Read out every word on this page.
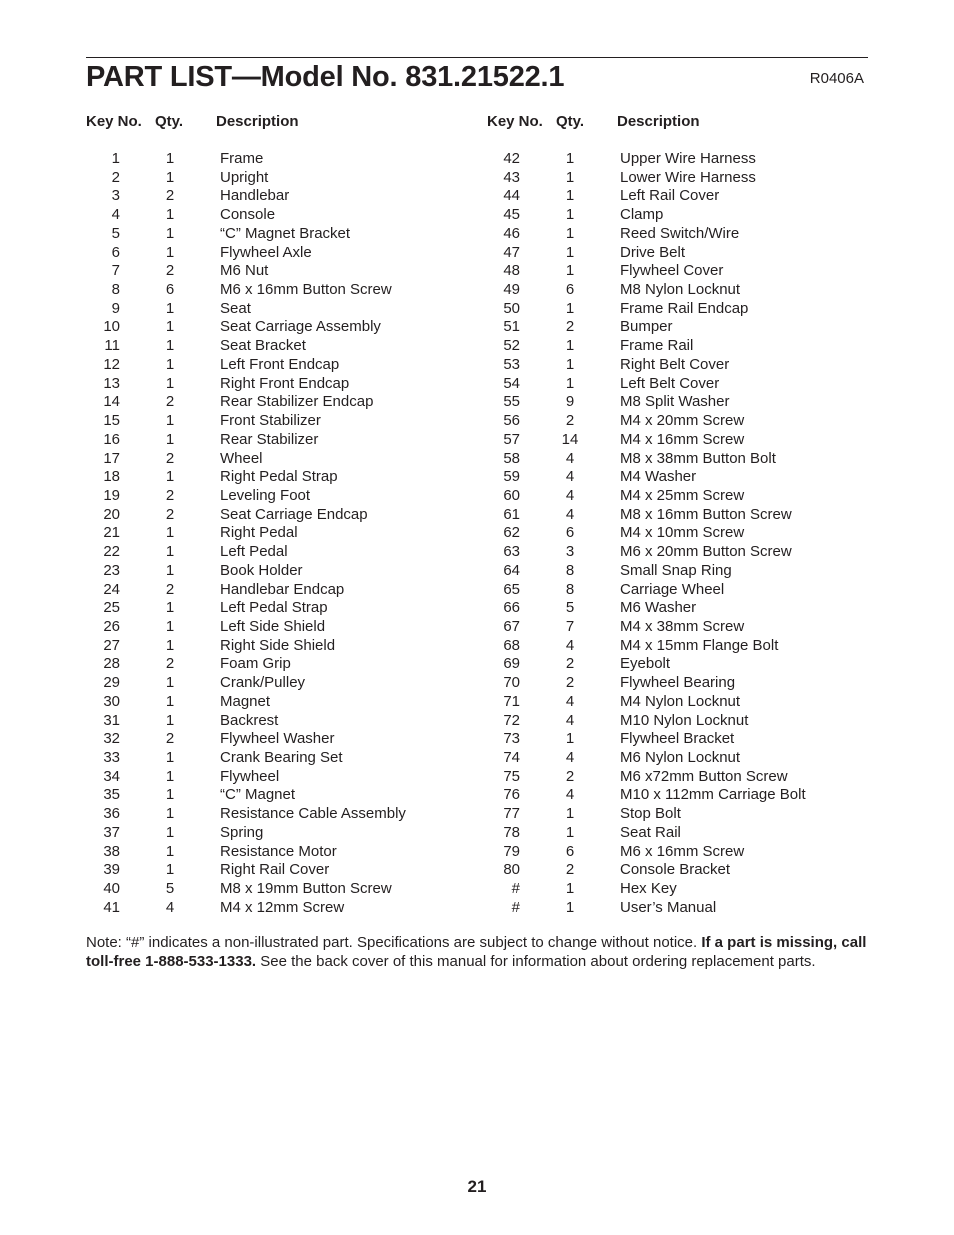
PART LIST—Model No. 831.21522.1	R0406A
Key No. Qty. Description	Key No. Qty. Description
1	1	Frame
2	1	Upright
3	2	Handlebar
4	1	Console
5	1	“C” Magnet Bracket
6	1	Flywheel Axle
7	2	M6 Nut
8	6	M6 x 16mm Button Screw
9	1	Seat
10	1	Seat Carriage Assembly
11	1	Seat Bracket
12	1	Left Front Endcap
13	1	Right Front Endcap
14	2	Rear Stabilizer Endcap
15	1	Front Stabilizer
16	1	Rear Stabilizer
17	2	Wheel
18	1	Right Pedal Strap
19	2	Leveling Foot
20	2	Seat Carriage Endcap
21	1	Right Pedal
22	1	Left Pedal
23	1	Book Holder
24	2	Handlebar Endcap
25	1	Left Pedal Strap
26	1	Left Side Shield
27	1	Right Side Shield
28	2	Foam Grip
29	1	Crank/Pulley
30	1	Magnet
31	1	Backrest
32	2	Flywheel Washer
33	1	Crank Bearing Set
34	1	Flywheel
35	1	“C” Magnet
36	1	Resistance Cable Assembly
37	1	Spring
38	1	Resistance Motor
39	1	Right Rail Cover
40	5	M8 x 19mm Button Screw
41	4	M4 x 12mm Screw
42	1	Upper Wire Harness
43	1	Lower Wire Harness
44	1	Left Rail Cover
45	1	Clamp
46	1	Reed Switch/Wire
47	1	Drive Belt
48	1	Flywheel Cover
49	6	M8 Nylon Locknut
50	1	Frame Rail Endcap
51	2	Bumper
52	1	Frame Rail
53	1	Right Belt Cover
54	1	Left Belt Cover
55	9	M8 Split Washer
56	2	M4 x 20mm Screw
57	14	M4 x 16mm Screw
58	4	M8 x 38mm Button Bolt
59	4	M4 Washer
60	4	M4 x 25mm Screw
61	4	M8 x 16mm Button Screw
62	6	M4 x 10mm Screw
63	3	M6 x 20mm Button Screw
64	8	Small Snap Ring
65	8	Carriage Wheel
66	5	M6 Washer
67	7	M4 x 38mm Screw
68	4	M4 x 15mm Flange Bolt
69	2	Eyebolt
70	2	Flywheel Bearing
71	4	M4 Nylon Locknut
72	4	M10 Nylon Locknut
73	1	Flywheel Bracket
74	4	M6 Nylon Locknut
75	2	M6 x72mm Button Screw
76	4	M10 x 112mm Carriage Bolt
77	1	Stop Bolt
78	1	Seat Rail
79	6	M6 x 16mm Screw
80	2	Console Bracket
#	1	Hex Key
#	1	User’s Manual

Note: “#” indicates a non-illustrated part. Specifications are subject to change without notice. If a part is missing, call toll-free 1-888-533-1333. See the back cover of this manual for information about ordering replacement parts.

21
